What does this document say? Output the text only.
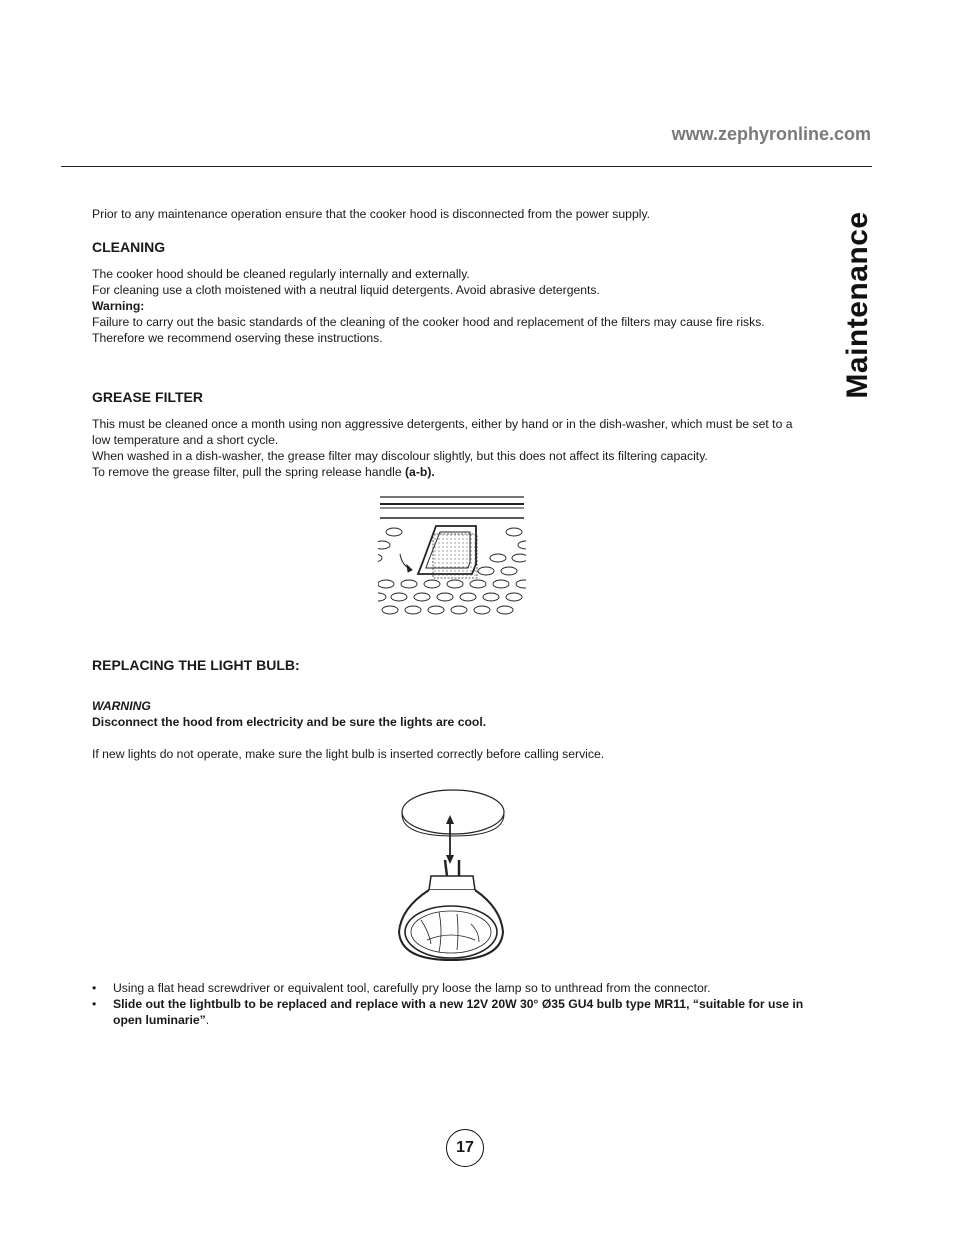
www.zephyronline.com
Maintenance

Prior to any maintenance operation ensure that the cooker hood is disconnected from the power supply.

CLEANING

The cooker hood should be cleaned regularly internally and externally.

For cleaning use a cloth moistened with a neutral liquid detergents. Avoid abrasive detergents.

Warning:

Failure to carry out the basic standards of the cleaning of the cooker hood and replacement of the filters may cause fire risks.

Therefore we recommend oserving these instructions.

GREASE FILTER

This must be cleaned once a month using non aggressive detergents, either by hand or in the dish-washer, which must be set to a low temperature and a short cycle.

When washed in a dish-washer, the grease filter may discolour slightly, but this does not affect its filtering capacity.

To remove the grease filter, pull the spring release handle (a-b).

REPLACING THE LIGHT BULB:

WARNING

Disconnect the hood from electricity and be sure the lights are cool.

If new lights do not operate, make sure the light bulb is inserted correctly before calling service.

• Using a flat head screwdriver or equivalent tool, carefully pry loose the lamp so to unthread from the connector.
• Slide out the lightbulb to be replaced and replace with a new 12V 20W 30° Ø35 GU4 bulb type MR11, “suitable for use in open luminarie”.
17
